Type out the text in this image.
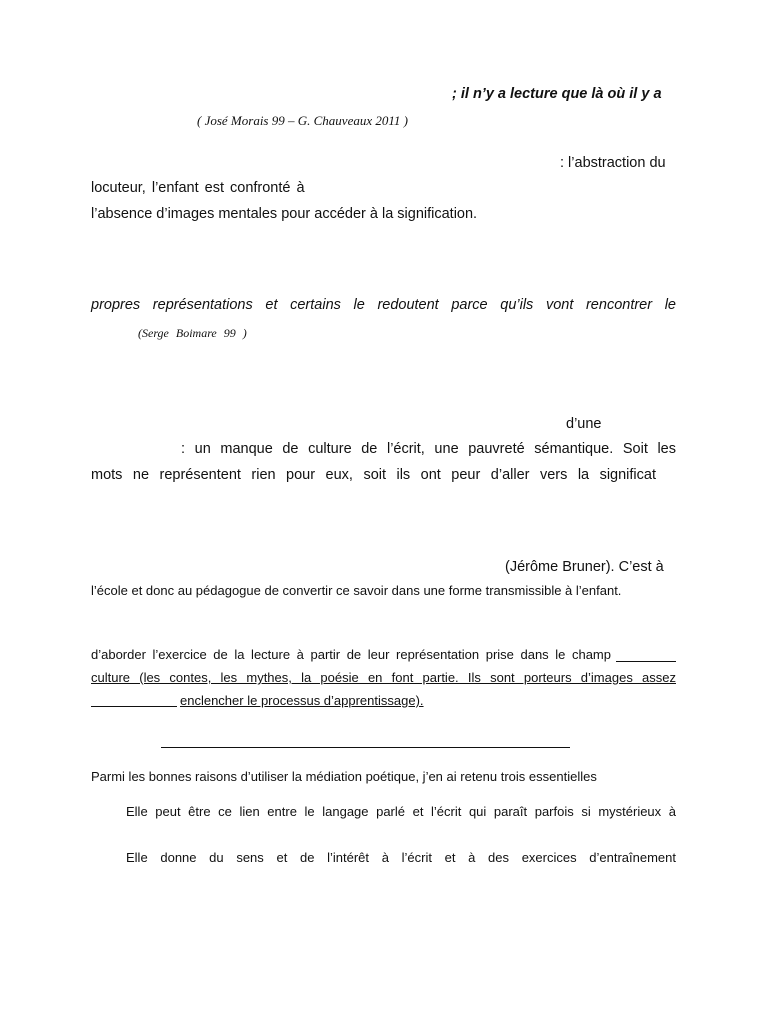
; il n’y a lecture que là où il y a
( José Morais 99 – G. Chauveaux 2011 )
: l’abstraction du
locuteur, l’enfant est confronté à
l’absence d’images mentales pour accéder à la signification.
propres représentations et certains le redoutent parce qu’ils vont rencontrer le
(Serge Boimare 99 )
d’une
: un manque de culture de l’écrit, une pauvreté sémantique. Soit les
mots ne représentent rien pour eux, soit ils ont peur d’aller vers la significat
(Jérôme Bruner). C’est à
l’école et donc au pédagogue de convertir ce savoir dans une forme transmissible à l’enfant.
d’aborder l’exercice de la lecture à partir de leur représentation prise dans le champ
culture (les contes, les mythes, la poésie en font partie. Ils sont porteurs d’images assez
enclencher le processus d’apprentissage).
Parmi les bonnes raisons d’utiliser la médiation poétique, j’en ai retenu trois essentielles
Elle peut être ce lien entre le langage parlé et l’écrit qui paraît parfois si mystérieux à
Elle donne du sens et de l’intérêt à l’écrit et à des exercices d’entraînement
